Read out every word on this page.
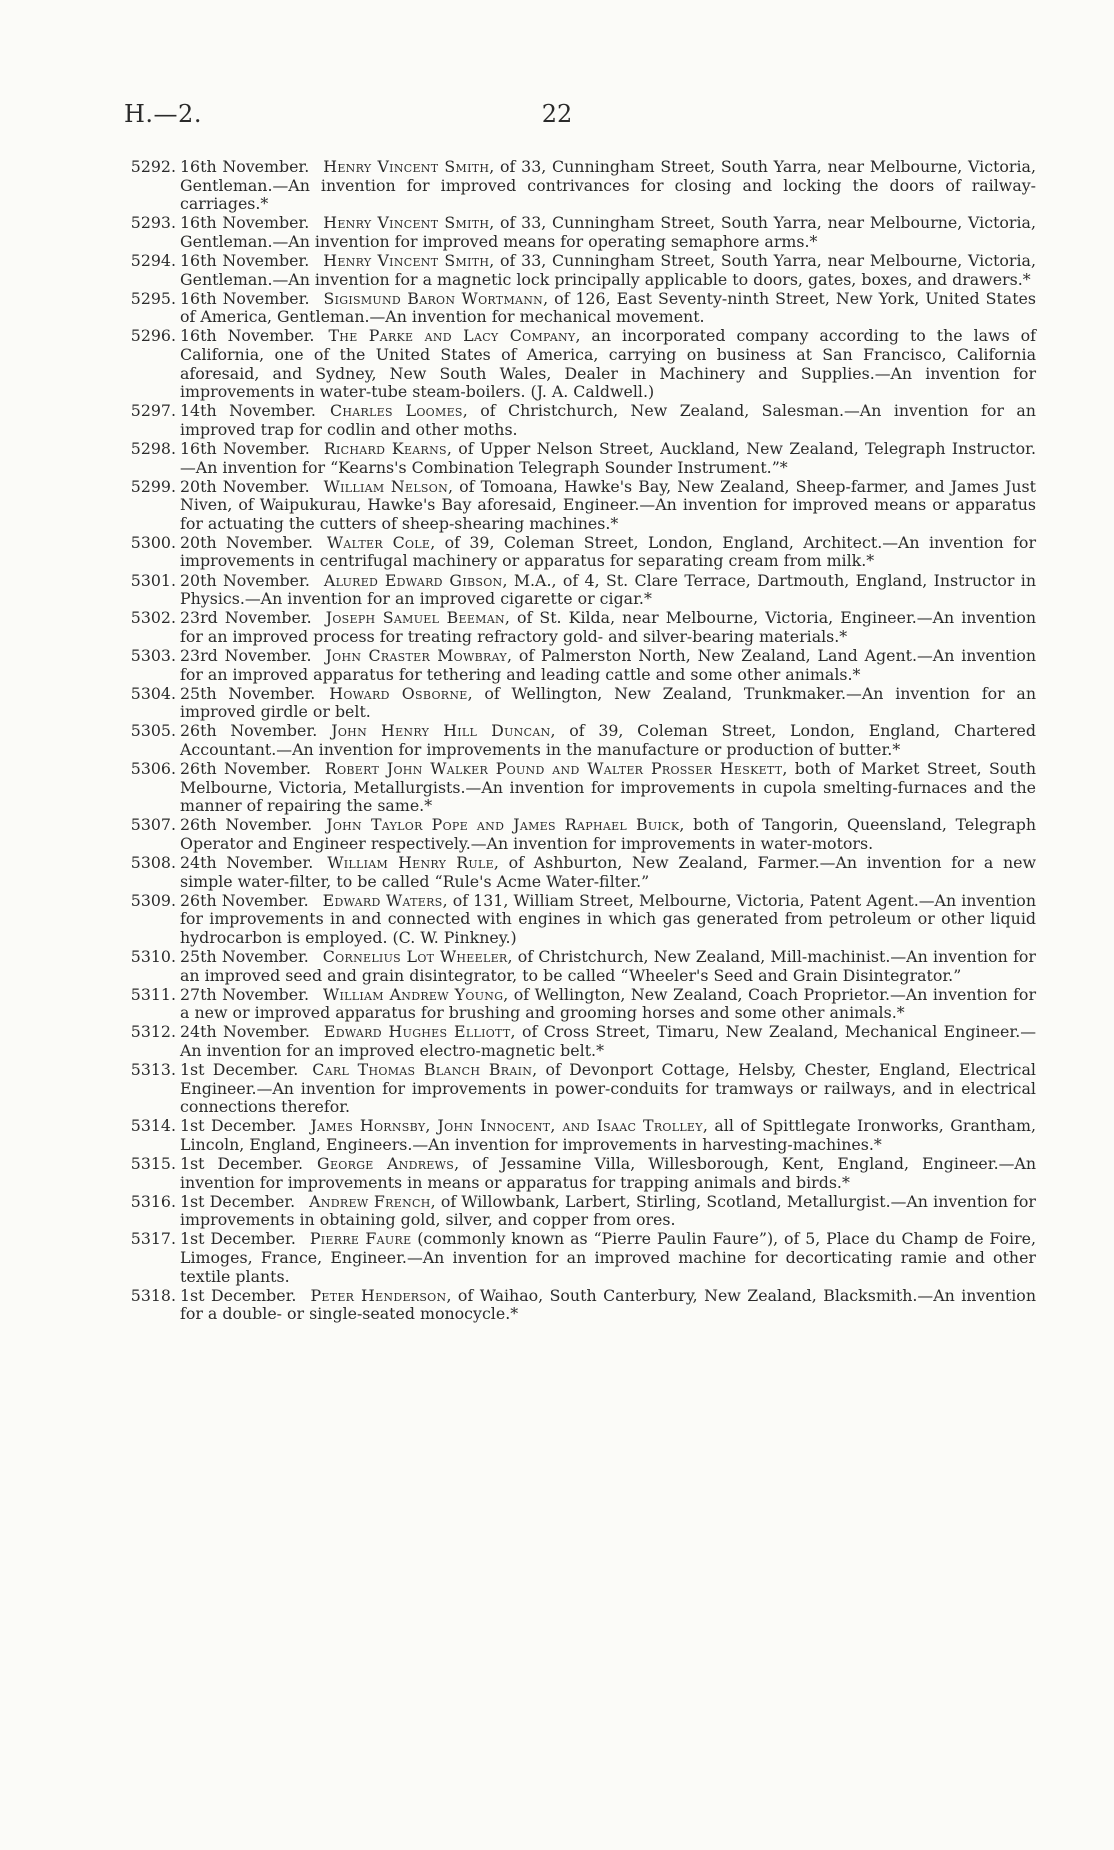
H.—2.	22
5292. 16th November. Henry Vincent Smith, of 33, Cunningham Street, South Yarra, near Melbourne, Victoria, Gentleman.—An invention for improved contrivances for closing and locking the doors of railway-carriages.*
5293. 16th November. Henry Vincent Smith, of 33, Cunningham Street, South Yarra, near Melbourne, Victoria, Gentleman.—An invention for improved means for operating semaphore arms.*
5294. 16th November. Henry Vincent Smith, of 33, Cunningham Street, South Yarra, near Melbourne, Victoria, Gentleman.—An invention for a magnetic lock principally applicable to doors, gates, boxes, and drawers.*
5295. 16th November. Sigismund Baron Wortmann, of 126, East Seventy-ninth Street, New York, United States of America, Gentleman.—An invention for mechanical movement.
5296. 16th November. The Parke and Lacy Company, an incorporated company according to the laws of California, one of the United States of America, carrying on business at San Francisco, California aforesaid, and Sydney, New South Wales, Dealer in Machinery and Supplies.—An invention for improvements in water-tube steam-boilers. (J. A. Caldwell.)
5297. 14th November. Charles Loomes, of Christchurch, New Zealand, Salesman.—An invention for an improved trap for codlin and other moths.
5298. 16th November. Richard Kearns, of Upper Nelson Street, Auckland, New Zealand, Telegraph Instructor.—An invention for “Kearns's Combination Telegraph Sounder Instrument.”*
5299. 20th November. William Nelson, of Tomoana, Hawke's Bay, New Zealand, Sheep-farmer, and James Just Niven, of Waipukurau, Hawke's Bay aforesaid, Engineer.—An invention for improved means or apparatus for actuating the cutters of sheep-shearing machines.*
5300. 20th November. Walter Cole, of 39, Coleman Street, London, England, Architect.—An invention for improvements in centrifugal machinery or apparatus for separating cream from milk.*
5301. 20th November. Alured Edward Gibson, M.A., of 4, St. Clare Terrace, Dartmouth, England, Instructor in Physics.—An invention for an improved cigarette or cigar.*
5302. 23rd November. Joseph Samuel Beeman, of St. Kilda, near Melbourne, Victoria, Engineer.—An invention for an improved process for treating refractory gold- and silver-bearing materials.*
5303. 23rd November. John Craster Mowbray, of Palmerston North, New Zealand, Land Agent.—An invention for an improved apparatus for tethering and leading cattle and some other animals.*
5304. 25th November. Howard Osborne, of Wellington, New Zealand, Trunkmaker.—An invention for an improved girdle or belt.
5305. 26th November. John Henry Hill Duncan, of 39, Coleman Street, London, England, Chartered Accountant.—An invention for improvements in the manufacture or production of butter.*
5306. 26th November. Robert John Walker Pound and Walter Prosser Heskett, both of Market Street, South Melbourne, Victoria, Metallurgists.—An invention for improvements in cupola smelting-furnaces and the manner of repairing the same.*
5307. 26th November. John Taylor Pope and James Raphael Buick, both of Tangorin, Queensland, Telegraph Operator and Engineer respectively.—An invention for improvements in water-motors.
5308. 24th November. William Henry Rule, of Ashburton, New Zealand, Farmer.—An invention for a new simple water-filter, to be called “Rule's Acme Water-filter.”
5309. 26th November. Edward Waters, of 131, William Street, Melbourne, Victoria, Patent Agent.—An invention for improvements in and connected with engines in which gas generated from petroleum or other liquid hydrocarbon is employed. (C. W. Pinkney.)
5310. 25th November. Cornelius Lot Wheeler, of Christchurch, New Zealand, Mill-machinist.—An invention for an improved seed and grain disintegrator, to be called “Wheeler's Seed and Grain Disintegrator.”
5311. 27th November. William Andrew Young, of Wellington, New Zealand, Coach Proprietor.—An invention for a new or improved apparatus for brushing and grooming horses and some other animals.*
5312. 24th November. Edward Hughes Elliott, of Cross Street, Timaru, New Zealand, Mechanical Engineer.—An invention for an improved electro-magnetic belt.*
5313. 1st December. Carl Thomas Blanch Brain, of Devonport Cottage, Helsby, Chester, England, Electrical Engineer.—An invention for improvements in power-conduits for tramways or railways, and in electrical connections therefor.
5314. 1st December. James Hornsby, John Innocent, and Isaac Trolley, all of Spittlegate Ironworks, Grantham, Lincoln, England, Engineers.—An invention for improvements in harvesting-machines.*
5315. 1st December. George Andrews, of Jessamine Villa, Willesborough, Kent, England, Engineer.—An invention for improvements in means or apparatus for trapping animals and birds.*
5316. 1st December. Andrew French, of Willowbank, Larbert, Stirling, Scotland, Metallurgist.—An invention for improvements in obtaining gold, silver, and copper from ores.
5317. 1st December. Pierre Faure (commonly known as “Pierre Paulin Faure”), of 5, Place du Champ de Foire, Limoges, France, Engineer.—An invention for an improved machine for decorticating ramie and other textile plants.
5318. 1st December. Peter Henderson, of Waihao, South Canterbury, New Zealand, Blacksmith.—An invention for a double- or single-seated monocycle.*
